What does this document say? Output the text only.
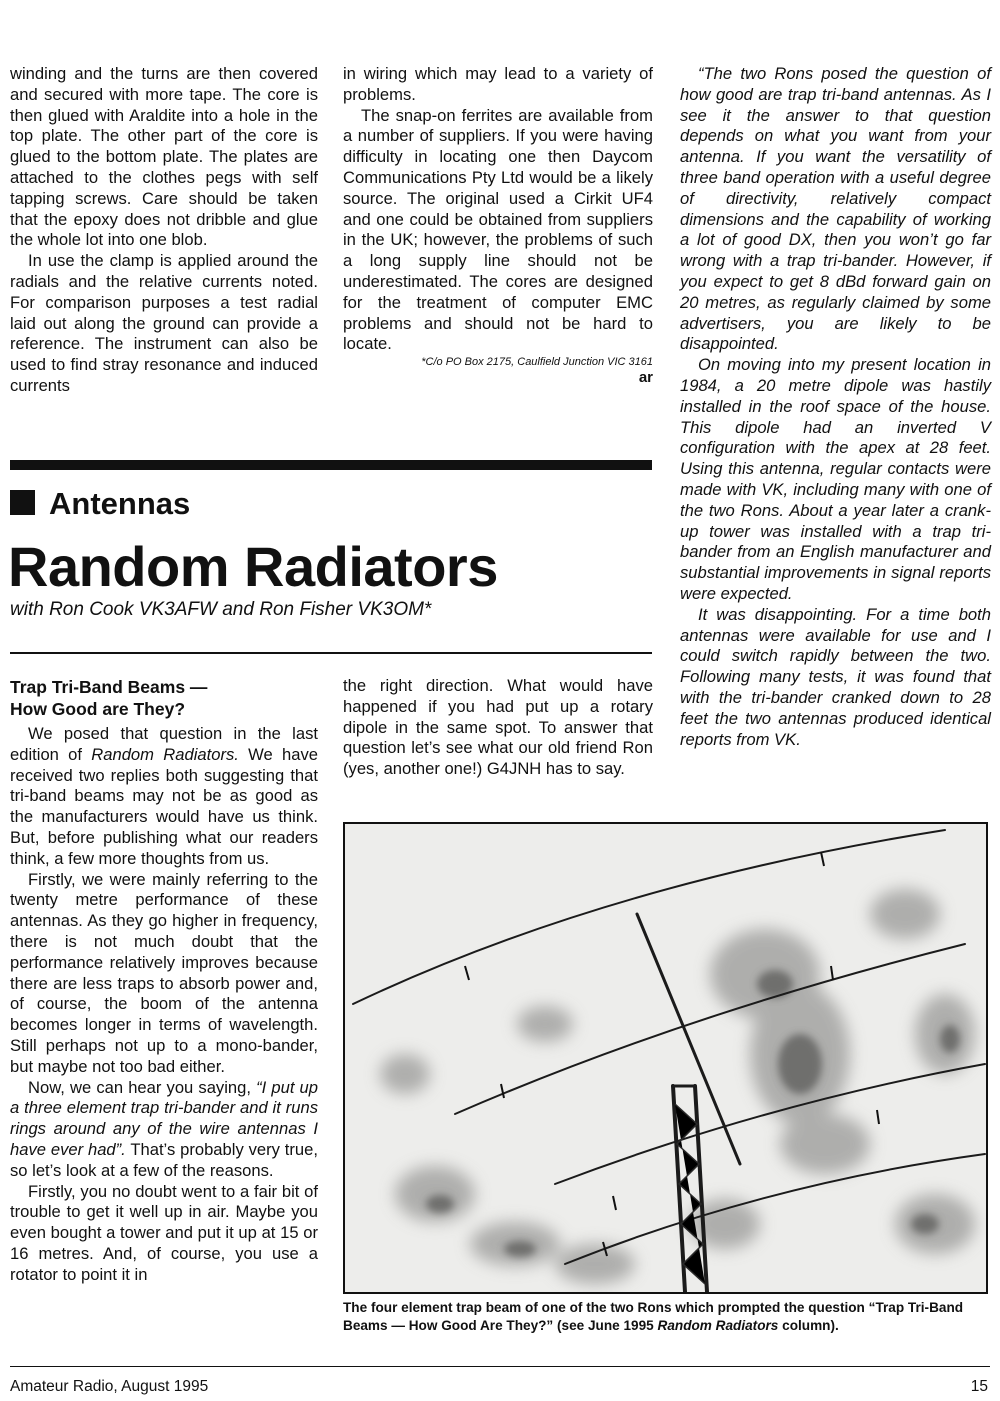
winding and the turns are then covered and secured with more tape. The core is then glued with Araldite into a hole in the top plate. The other part of the core is glued to the bottom plate. The plates are attached to the clothes pegs with self tapping screws. Care should be taken that the epoxy does not dribble and glue the whole lot into one blob.

In use the clamp is applied around the radials and the relative currents noted. For comparison purposes a test radial laid out along the ground can provide a reference. The instrument can also be used to find stray resonance and induced currents

in wiring which may lead to a variety of problems.

The snap-on ferrites are available from a number of suppliers. If you were having difficulty in locating one then Daycom Communications Pty Ltd would be a likely source. The original used a Cirkit UF4 and one could be obtained from suppliers in the UK; however, the problems of such a long supply line should not be underestimated. The cores are designed for the treatment of computer EMC problems and should not be hard to locate.

*C/o PO Box 2175, Caulfield Junction VIC 3161

ar

“The two Rons posed the question of how good are trap tri-band antennas. As I see it the answer to that question depends on what you want from your antenna. If you want the versatility of three band operation with a useful degree of directivity, relatively compact dimensions and the capability of working a lot of good DX, then you won’t go far wrong with a trap tri-bander. However, if you expect to get 8 dBd forward gain on 20 metres, as regularly claimed by some advertisers, you are likely to be disappointed.

On moving into my present location in 1984, a 20 metre dipole was hastily installed in the roof space of the house. This dipole had an inverted V configuration with the apex at 28 feet. Using this antenna, regular contacts were made with VK, including many with one of the two Rons. About a year later a crank-up tower was installed with a trap tri-bander from an English manufacturer and substantial improvements in signal reports were expected.

It was disappointing. For a time both antennas were available for use and I could switch rapidly between the two. Following many tests, it was found that with the tri-bander cranked down to 28 feet the two antennas produced identical reports from VK.

Antennas
Random Radiators
with Ron Cook VK3AFW and Ron Fisher VK3OM*
Trap Tri-Band Beams —
How Good are They?

We posed that question in the last edition of Random Radiators. We have received two replies both suggesting that tri-band beams may not be as good as the manufacturers would have us think. But, before publishing what our readers think, a few more thoughts from us.

Firstly, we were mainly referring to the twenty metre performance of these antennas. As they go higher in frequency, there is not much doubt that the performance relatively improves because there are less traps to absorb power and, of course, the boom of the antenna becomes longer in terms of wavelength. Still perhaps not up to a mono-bander, but maybe not too bad either.

Now, we can hear you saying, “I put up a three element trap tri-bander and it runs rings around any of the wire antennas I have ever had”. That’s probably very true, so let’s look at a few of the reasons.

Firstly, you no doubt went to a fair bit of trouble to get it well up in air. Maybe you even bought a tower and put it up at 15 or 16 metres. And, of course, you use a rotator to point it in

the right direction. What would have happened if you had put up a rotary dipole in the same spot. To answer that question let’s see what our old friend Ron (yes, another one!) G4JNH has to say.

The four element trap beam of one of the two Rons which prompted the question “Trap Tri-Band Beams — How Good Are They?” (see June 1995 Random Radiators column).
Amateur Radio, August 1995	15
